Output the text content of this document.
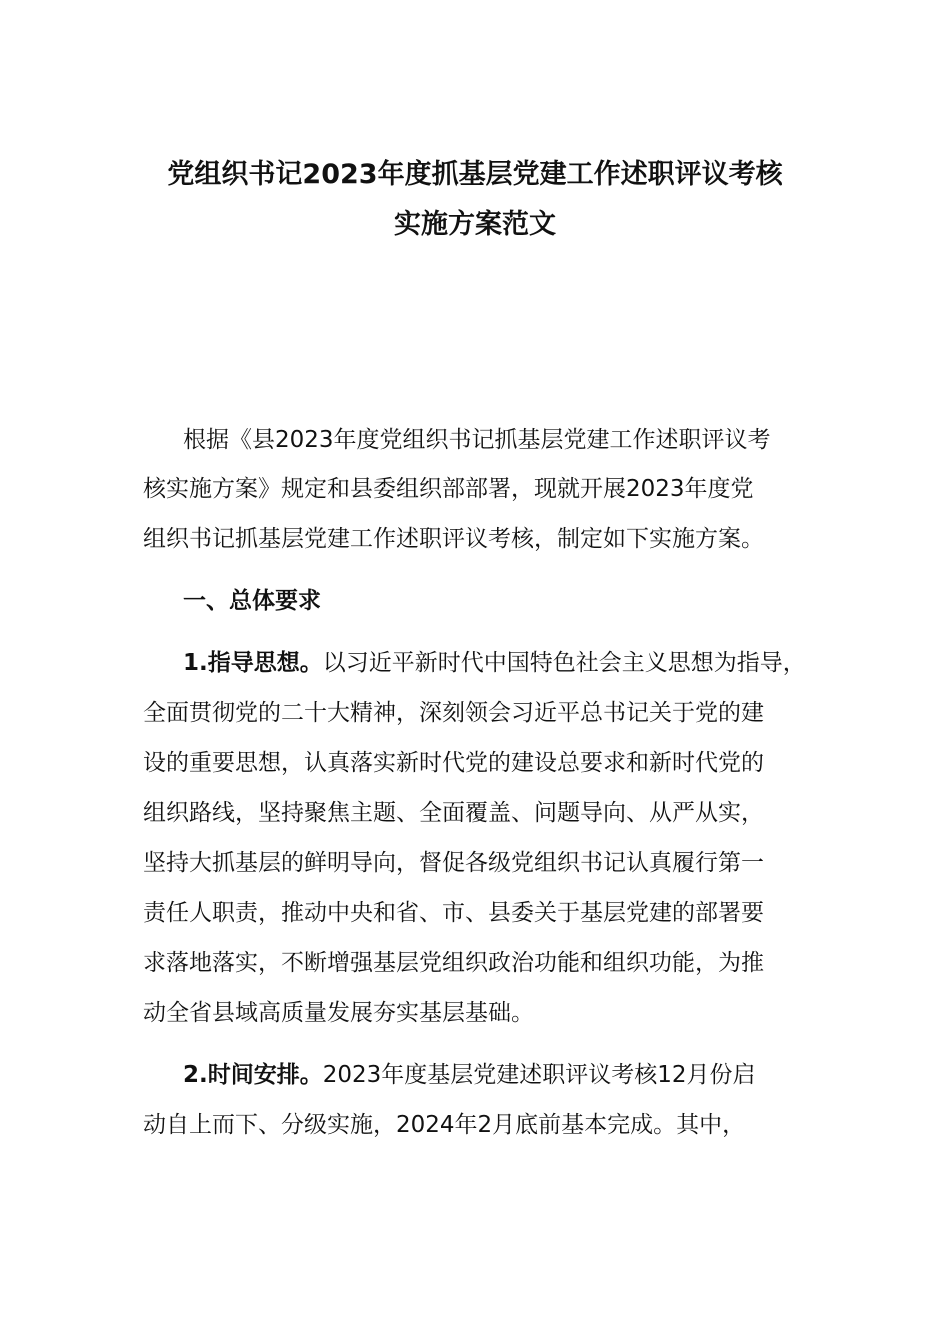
党组织书记2023年度抓基层党建工作述职评议考核
实施方案范文

根据《县2023年度党组织书记抓基层党建工作述职评议考

核实施方案》规定和县委组织部部署，现就开展2023年度党

组织书记抓基层党建工作述职评议考核，制定如下实施方案。

一、总体要求

1.指导思想。以习近平新时代中国特色社会主义思想为指导，

全面贯彻党的二十大精神，深刻领会习近平总书记关于党的建

设的重要思想，认真落实新时代党的建设总要求和新时代党的

组织路线，坚持聚焦主题、全面覆盖、问题导向、从严从实，

坚持大抓基层的鲜明导向，督促各级党组织书记认真履行第一

责任人职责，推动中央和省、市、县委关于基层党建的部署要

求落地落实，不断增强基层党组织政治功能和组织功能，为推

动全省县域高质量发展夯实基层基础。

2.时间安排。2023年度基层党建述职评议考核12月份启

动自上而下、分级实施，2024年2月底前基本完成。其中，
